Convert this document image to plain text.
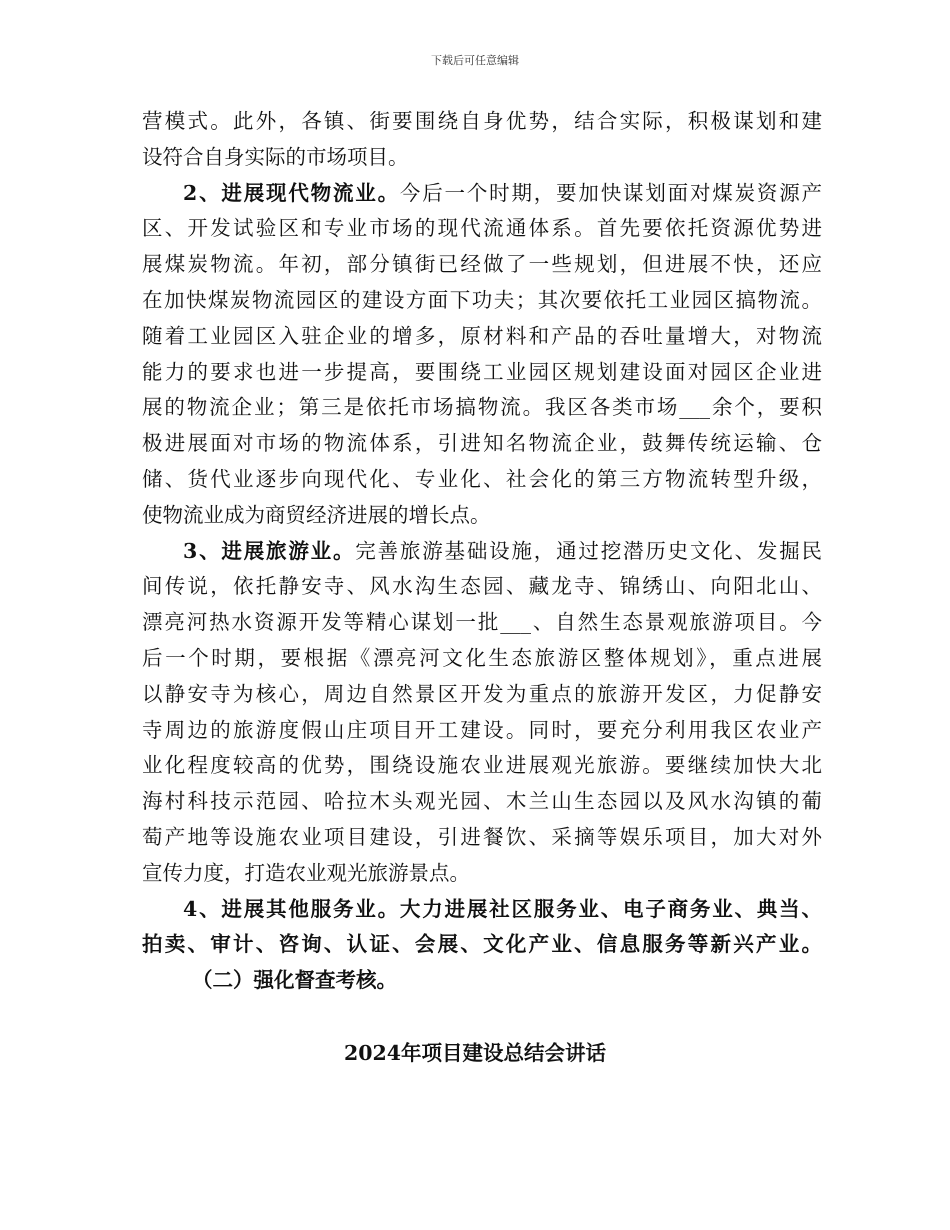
下载后可任意编辑
营模式。此外，各镇、街要围绕自身优势，结合实际，积极谋划和建
设符合自身实际的市场项目。
2、进展现代物流业。今后一个时期，要加快谋划面对煤炭资源产
区、开发试验区和专业市场的现代流通体系。首先要依托资源优势进
展煤炭物流。年初，部分镇街已经做了一些规划，但进展不快，还应
在加快煤炭物流园区的建设方面下功夫；其次要依托工业园区搞物流。
随着工业园区入驻企业的增多，原材料和产品的吞吐量增大，对物流
能力的要求也进一步提高，要围绕工业园区规划建设面对园区企业进
展的物流企业；第三是依托市场搞物流。我区各类市场___余个，要积
极进展面对市场的物流体系，引进知名物流企业，鼓舞传统运输、仓
储、货代业逐步向现代化、专业化、社会化的第三方物流转型升级，
使物流业成为商贸经济进展的增长点。
3、进展旅游业。完善旅游基础设施，通过挖潜历史文化、发掘民
间传说，依托静安寺、风水沟生态园、藏龙寺、锦绣山、向阳北山、
漂亮河热水资源开发等精心谋划一批___、自然生态景观旅游项目。今
后一个时期，要根据《漂亮河文化生态旅游区整体规划》，重点进展
以静安寺为核心，周边自然景区开发为重点的旅游开发区，力促静安
寺周边的旅游度假山庄项目开工建设。同时，要充分利用我区农业产
业化程度较高的优势，围绕设施农业进展观光旅游。要继续加快大北
海村科技示范园、哈拉木头观光园、木兰山生态园以及风水沟镇的葡
萄产地等设施农业项目建设，引进餐饮、采摘等娱乐项目，加大对外
宣传力度，打造农业观光旅游景点。
4、进展其他服务业。大力进展社区服务业、电子商务业、典当、
拍卖、审计、咨询、认证、会展、文化产业、信息服务等新兴产业。
（二）强化督查考核。
2024年项目建设总结会讲话
